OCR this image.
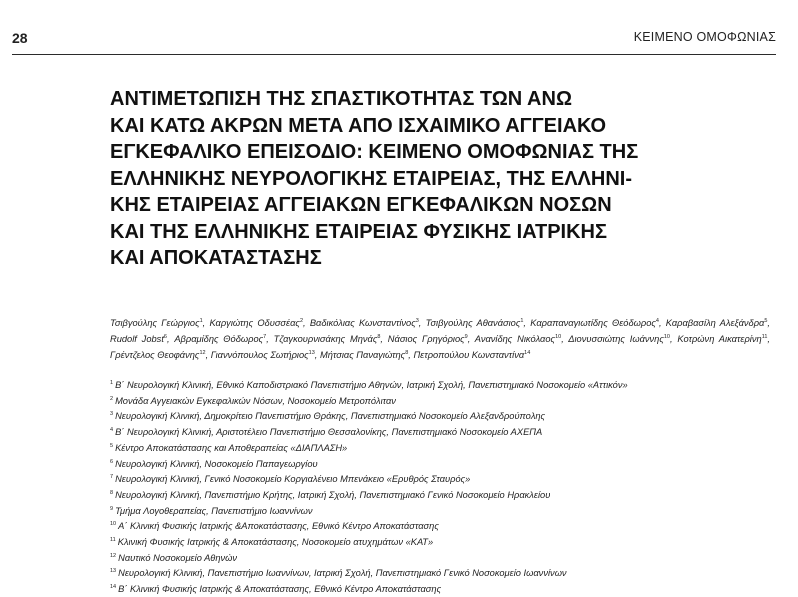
28	ΚΕΙΜΕΝΟ ΟΜΟΦΩΝΙΑΣ
ΑΝΤΙΜΕΤΩΠΙΣΗ ΤΗΣ ΣΠΑΣΤΙΚΟΤΗΤΑΣ ΤΩΝ ΑΝΩ
ΚΑΙ ΚΑΤΩ ΑΚΡΩΝ ΜΕΤΑ ΑΠΟ ΙΣΧΑΙΜΙΚΟ ΑΓΓΕΙΑΚΟ
ΕΓΚΕΦΑΛΙΚΟ ΕΠΕΙΣΟΔΙΟ: ΚΕΙΜΕΝΟ ΟΜΟΦΩΝΙΑΣ ΤΗΣ
ΕΛΛΗΝΙΚΗΣ ΝΕΥΡΟΛΟΓΙΚΗΣ ΕΤΑΙΡΕΙΑΣ, ΤΗΣ ΕΛΛΗΝΙ-
ΚΗΣ ΕΤΑΙΡΕΙΑΣ ΑΓΓΕΙΑΚΩΝ ΕΓΚΕΦΑΛΙΚΩΝ ΝΟΣΩΝ
ΚΑΙ ΤΗΣ ΕΛΛΗΝΙΚΗΣ ΕΤΑΙΡΕΙΑΣ ΦΥΣΙΚΗΣ ΙΑΤΡΙΚΗΣ
ΚΑΙ ΑΠΟΚΑΤΑΣΤΑΣΗΣ

Τσιβγούλης Γεώργιος$^1$, Καργιώτης Οδυσσέας$^2$, Βαδικόλιας Κωνσταντίνος$^3$, Τσιβγούλης Αθανάσιος$^1$, Καραπαναγιωτίδης Θεόδωρος$^4$, Καραβασίλη Αλεξάνδρα$^5$, Rudolf Jobst$^6$, Αβραμίδης Θόδωρος$^7$, Τζαγκουρνισάκης Μηνάς$^8$, Νάσιος Γρηγόριος$^9$, Ανανίδης Νικόλαος$^{10}$, Διονυσσιώτης Ιωάννης$^{10}$, Κοτρώνη Αικατερίνη$^{11}$, Γρέντζελος Θεοφάνης$^{12}$, Γιαννόπουλος Σωτήριος$^{13}$, Μήτσιας Παναγιώτης$^8$, Πετροπούλου Κωνσταντίνα$^{14}$

$^1$ Β΄ Νευρολογική Κλινική, Εθνικό Καποδιστριακό Πανεπιστήμιο Αθηνών, Ιατρική Σχολή, Πανεπιστημιακό Νοσοκομείο «Αττικόν»
$^2$ Μονάδα Αγγειακών Εγκεφαλικών Νόσων, Νοσοκομείο Μετροπόλιταν
$^3$ Νευρολογική Κλινική, Δημοκρίτειο Πανεπιστήμιο Θράκης, Πανεπιστημιακό Νοσοκομείο Αλεξανδρούπολης
$^4$ Β΄ Νευρολογική Κλινική, Αριστοτέλειο Πανεπιστήμιο Θεσσαλονίκης, Πανεπιστημιακό Νοσοκομείο ΑΧΕΠΑ
$^5$ Κέντρο Αποκατάστασης και Αποθεραπείας «ΔΙΑΠΛΑΣΗ»
$^6$ Νευρολογική Κλινική, Νοσοκομείο Παπαγεωργίου
$^7$ Νευρολογική Κλινική, Γενικό Νοσοκομείο Κοργιαλένειο Μπενάκειο «Ερυθρός Σταυρός»
$^8$ Νευρολογική Κλινική, Πανεπιστήμιο Κρήτης, Ιατρική Σχολή, Πανεπιστημιακό Γενικό Νοσοκομείο Ηρακλείου
$^9$ Τμήμα Λογοθεραπείας, Πανεπιστήμιο Ιωαννίνων
$^{10}$ Α΄ Κλινική Φυσικής Ιατρικής &Αποκατάστασης, Εθνικό Κέντρο Αποκατάστασης
$^{11}$ Κλινική Φυσικής Ιατρικής & Αποκατάστασης, Νοσοκομείο ατυχημάτων «ΚΑΤ»
$^{12}$ Ναυτικό Νοσοκομείο Αθηνών
$^{13}$ Νευρολογική Κλινική, Πανεπιστήμιο Ιωαννίνων, Ιατρική Σχολή, Πανεπιστημιακό Γενικό Νοσοκομείο Ιωαννίνων
$^{14}$ Β΄ Κλινική Φυσικής Ιατρικής & Αποκατάστασης, Εθνικό Κέντρο Αποκατάστασης
